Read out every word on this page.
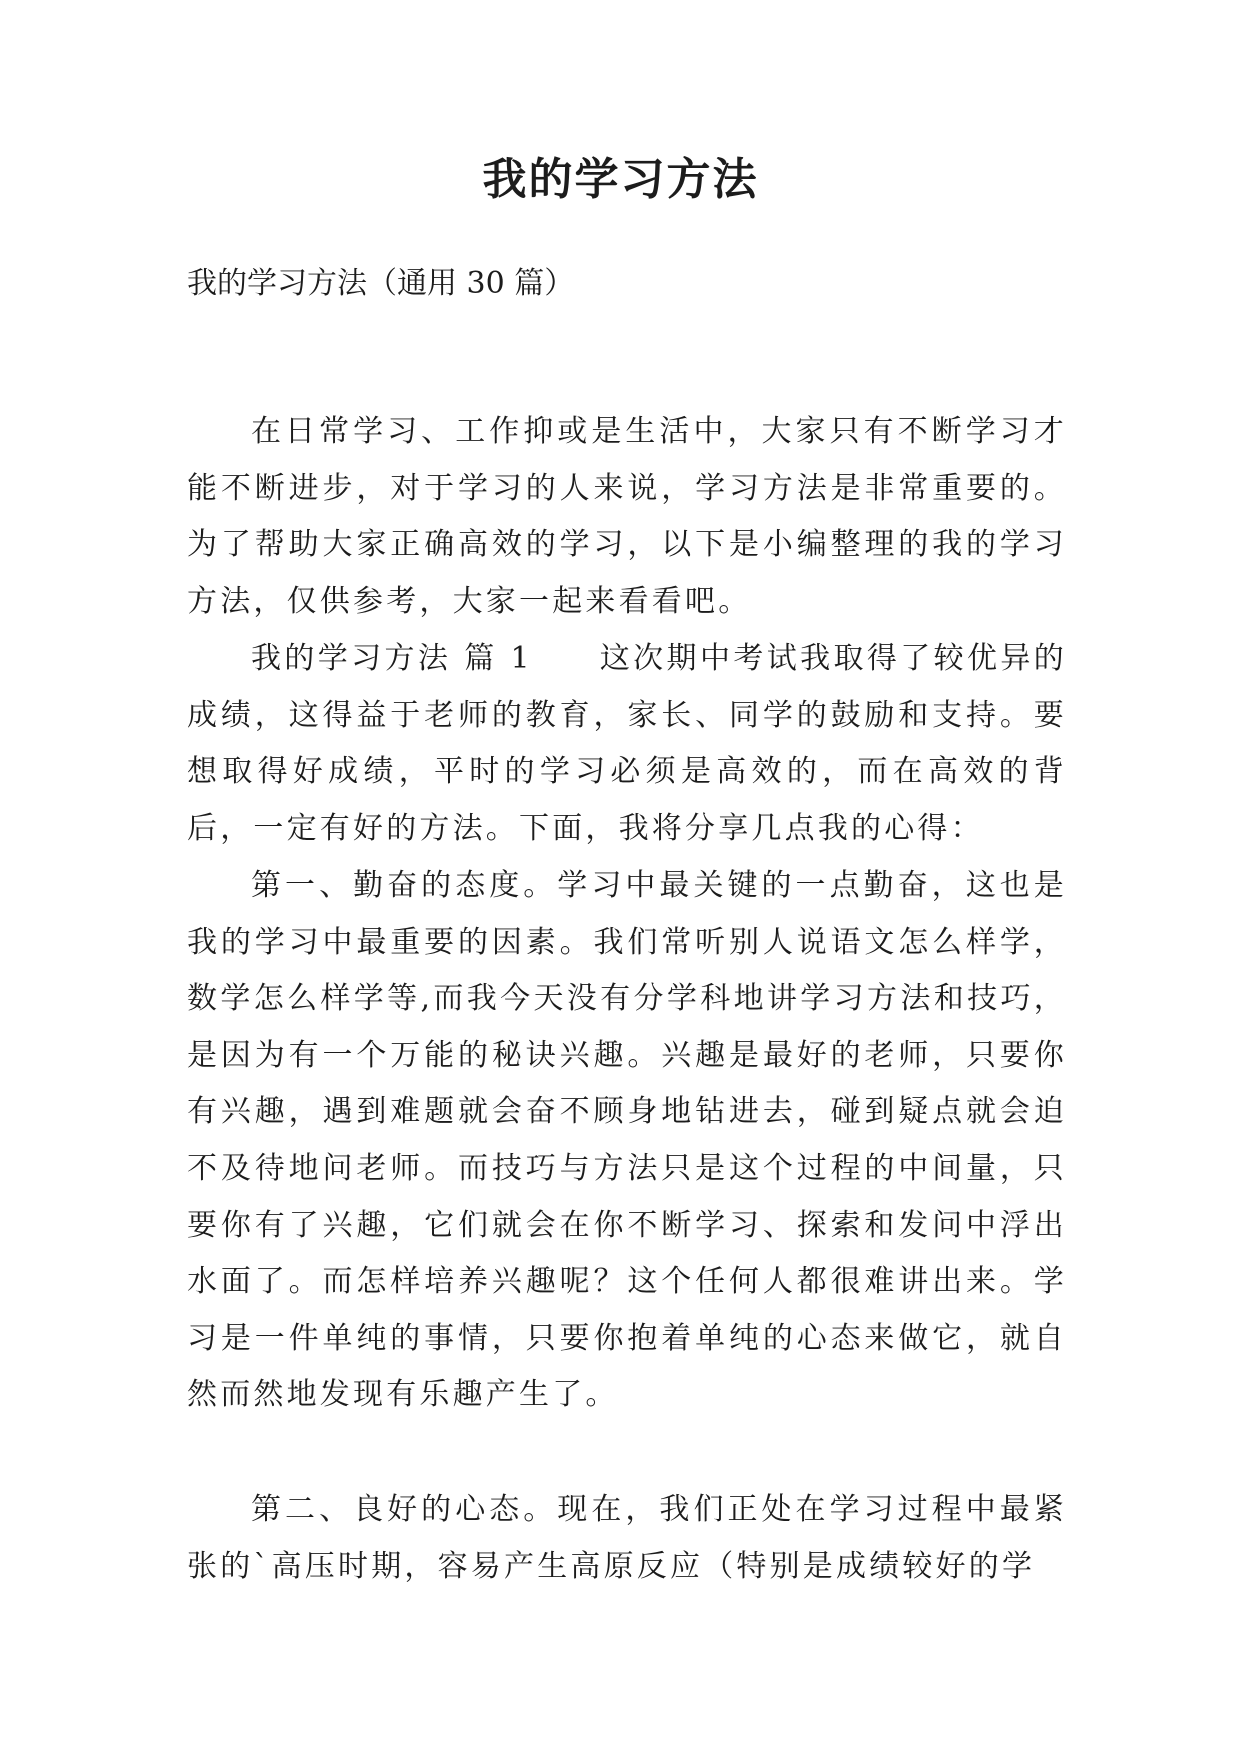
我的学习方法
我的学习方法（通用 30 篇）

在日常学习、工作抑或是生活中，大家只有不断学习才能不断进步，对于学习的人来说，学习方法是非常重要的。为了帮助大家正确高效的学习，以下是小编整理的我的学习方法，仅供参考，大家一起来看看吧。

我的学习方法 篇 1　　这次期中考试我取得了较优异的成绩，这得益于老师的教育，家长、同学的鼓励和支持。要想取得好成绩，平时的学习必须是高效的，而在高效的背后，一定有好的方法。下面，我将分享几点我的心得：

第一、勤奋的态度。学习中最关键的一点勤奋，这也是我的学习中最重要的因素。我们常听别人说语文怎么样学，数学怎么样学等,而我今天没有分学科地讲学习方法和技巧，是因为有一个万能的秘诀兴趣。兴趣是最好的老师，只要你有兴趣，遇到难题就会奋不顾身地钻进去，碰到疑点就会迫不及待地问老师。而技巧与方法只是这个过程的中间量，只要你有了兴趣，它们就会在你不断学习、探索和发问中浮出水面了。而怎样培养兴趣呢？这个任何人都很难讲出来。学习是一件单纯的事情，只要你抱着单纯的心态来做它，就自然而然地发现有乐趣产生了。

第二、良好的心态。现在，我们正处在学习过程中最紧张的`高压时期，容易产生高原反应（特别是成绩较好的学
